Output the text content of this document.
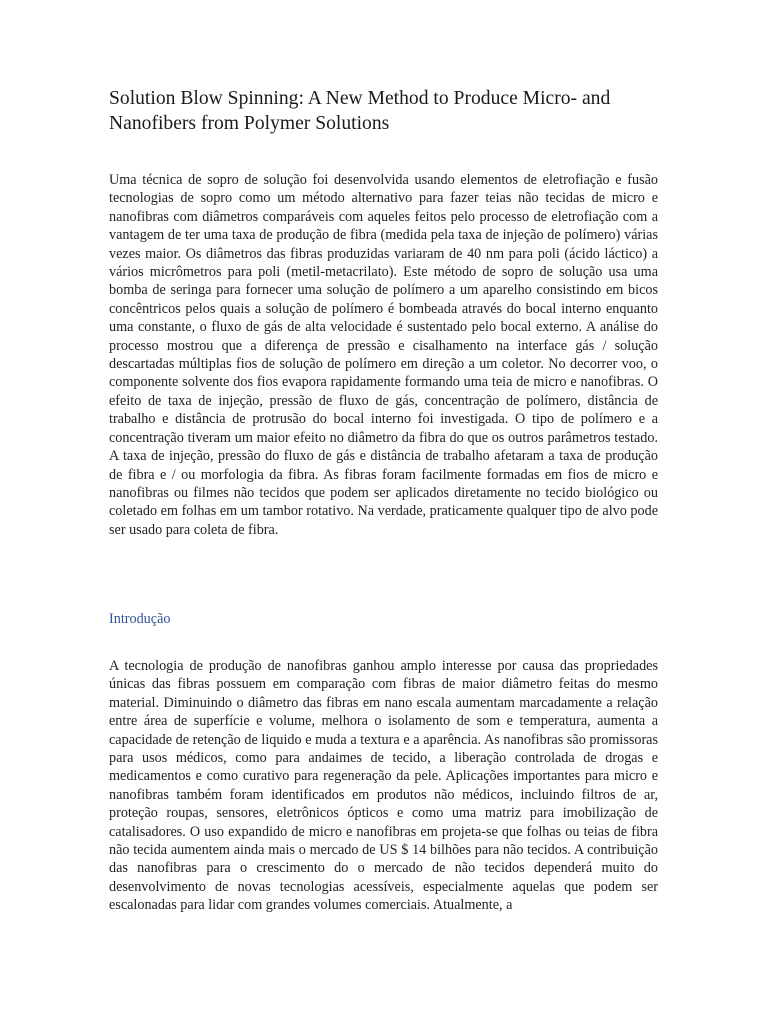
Solution Blow Spinning: A New Method to Produce Micro- and Nanofibers from Polymer Solutions

Uma técnica de sopro de solução foi desenvolvida usando elementos de eletrofiação e fusão tecnologias de sopro como um método alternativo para fazer teias não tecidas de micro e nanofibras com diâmetros comparáveis com aqueles feitos pelo processo de eletrofiação com a vantagem de ter uma taxa de produção de fibra (medida pela taxa de injeção de polímero) várias vezes maior. Os diâmetros das fibras produzidas variaram de 40 nm para poli (ácido láctico) a vários micrômetros para poli (metil-metacrilato). Este método de sopro de solução usa uma bomba de seringa para fornecer uma solução de polímero a um aparelho consistindo em bicos concêntricos pelos quais a solução de polímero é bombeada através do bocal interno enquanto uma constante, o fluxo de gás de alta velocidade é sustentado pelo bocal externo. A análise do processo mostrou que a diferença de pressão e cisalhamento na interface gás / solução descartadas múltiplas fios de solução de polímero em direção a um coletor. No decorrer voo, o componente solvente dos fios evapora rapidamente formando uma teia de micro e nanofibras. O efeito de taxa de injeção, pressão de fluxo de gás, concentração de polímero, distância de trabalho e distância de protrusão do bocal interno foi investigada. O tipo de polímero e a concentração tiveram um maior efeito no diâmetro da fibra do que os outros parâmetros testado. A taxa de injeção, pressão do fluxo de gás e distância de trabalho afetaram a taxa de produção de fibra e / ou morfologia da fibra. As fibras foram facilmente formadas em fios de micro e nanofibras ou filmes não tecidos que podem ser aplicados diretamente no tecido biológico ou coletado em folhas em um tambor rotativo. Na verdade, praticamente qualquer tipo de alvo pode ser usado para coleta de fibra.

Introdução

A tecnologia de produção de nanofibras ganhou amplo interesse por causa das propriedades únicas das fibras possuem em comparação com fibras de maior diâmetro feitas do mesmo material. Diminuindo o diâmetro das fibras em nano escala aumentam marcadamente a relação entre área de superfície e volume, melhora o isolamento de som e temperatura, aumenta a capacidade de retenção de liquido e muda a textura e a aparência. As nanofibras são promissoras para usos médicos, como para andaimes de tecido, a liberação controlada de drogas e medicamentos e como curativo para regeneração da pele. Aplicações importantes para micro e nanofibras também foram identificados em produtos não médicos, incluindo filtros de ar, proteção roupas, sensores, eletrônicos ópticos e como uma matriz para imobilização de catalisadores. O uso expandido de micro e nanofibras em projeta-se que folhas ou teias de fibra não tecida aumentem ainda mais o mercado de US $ 14 bilhões para não tecidos. A contribuição das nanofibras para o crescimento do o mercado de não tecidos dependerá muito do desenvolvimento de novas tecnologias acessíveis, especialmente aquelas que podem ser escalonadas para lidar com grandes volumes comerciais. Atualmente, a
